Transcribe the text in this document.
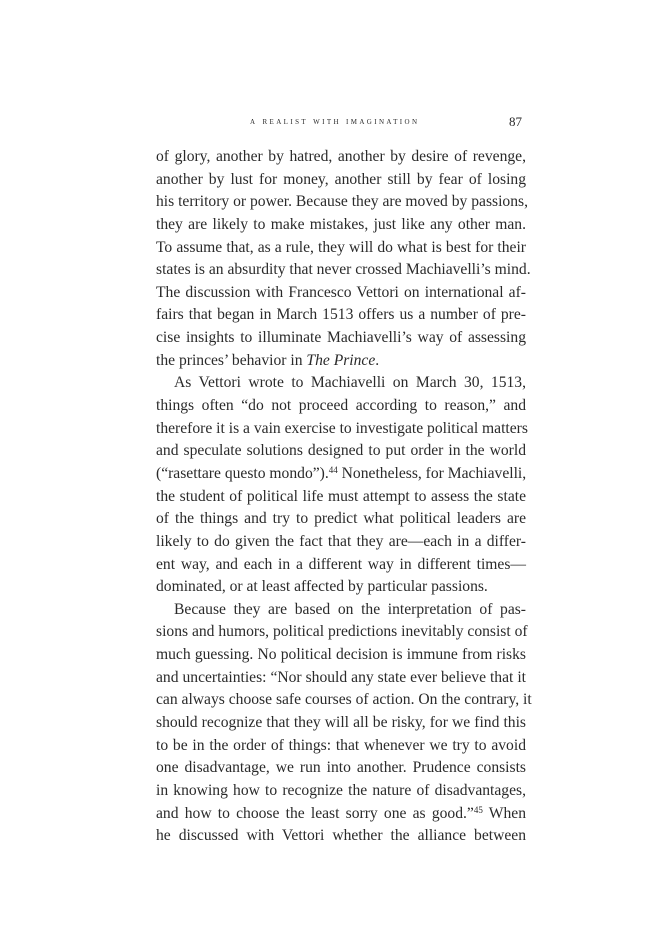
a realist with imagination	87

of glory, another by hatred, another by desire of revenge,
another by lust for money, another still by fear of losing
his territory or power. Because they are moved by passions,
they are likely to make mistakes, just like any other man.
To assume that, as a rule, they will do what is best for their
states is an absurdity that never crossed Machiavelli’s mind.
The discussion with Francesco Vettori on international af-
fairs that began in March 1513 offers us a number of pre-
cise insights to illuminate Machiavelli’s way of assessing
the princes’ behavior in The Prince.

As Vettori wrote to Machiavelli on March 30, 1513,
things often “do not proceed according to reason,” and
therefore it is a vain exercise to investigate political matters
and speculate solutions designed to put order in the world
(“rasettare questo mondo”).$^{44}$ Nonetheless, for Machiavelli,
the student of political life must attempt to assess the state
of the things and try to predict what political leaders are
likely to do given the fact that they are—each in a differ-
ent way, and each in a different way in different times—
dominated, or at least affected by particular passions.

Because they are based on the interpretation of pas-
sions and humors, political predictions inevitably consist of
much guessing. No political decision is immune from risks
and uncertainties: “Nor should any state ever believe that it
can always choose safe courses of action. On the contrary, it
should recognize that they will all be risky, for we find this
to be in the order of things: that whenever we try to avoid
one disadvantage, we run into another. Prudence consists
in knowing how to recognize the nature of disadvantages,
and how to choose the least sorry one as good.”$^{45}$ When
he discussed with Vettori whether the alliance between
